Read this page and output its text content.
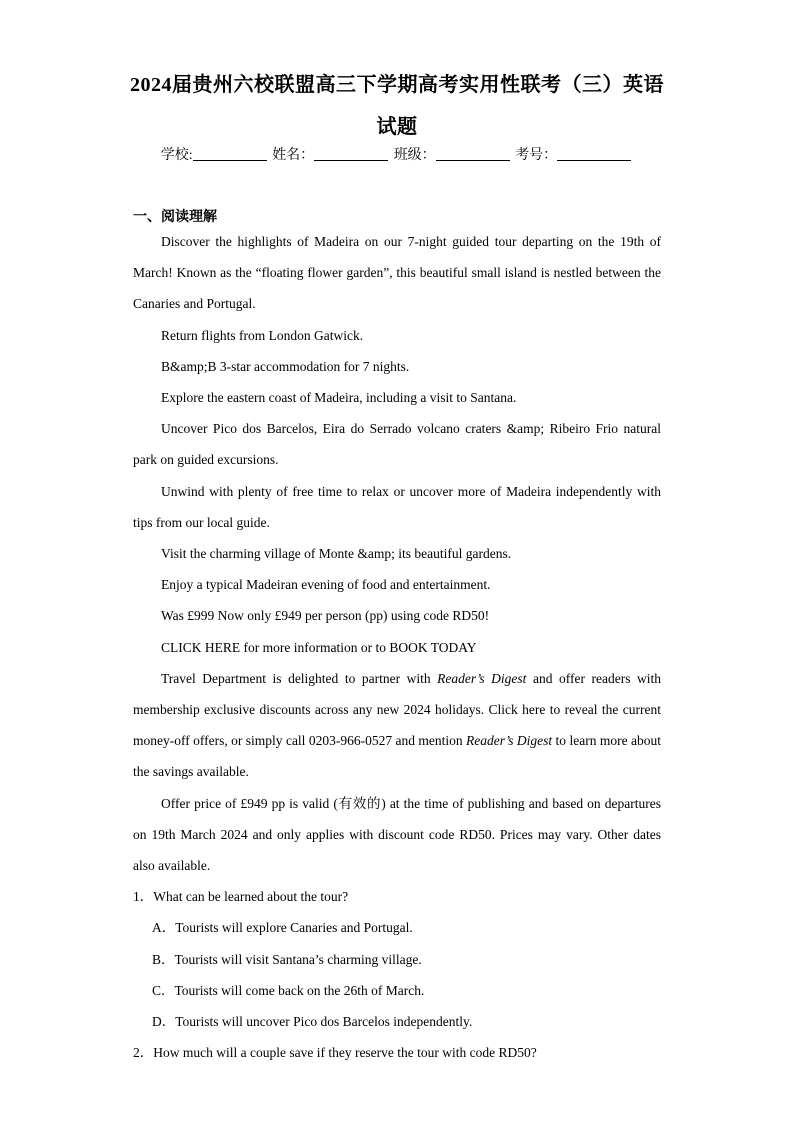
2024届贵州六校联盟高三下学期高考实用性联考（三）英语
试题
学校:	姓名：	班级：	考号：
一、阅读理解

Discover the highlights of Madeira on our 7-night guided tour departing on the 19th of March! Known as the “floating flower garden”, this beautiful small island is nestled between the Canaries and Portugal.

Return flights from London Gatwick.

B&amp;B 3-star accommodation for 7 nights.

Explore the eastern coast of Madeira, including a visit to Santana.

Uncover Pico dos Barcelos, Eira do Serrado volcano craters &amp; Ribeiro Frio natural park on guided excursions.

Unwind with plenty of free time to relax or uncover more of Madeira independently with tips from our local guide.

Visit the charming village of Monte &amp; its beautiful gardens.

Enjoy a typical Madeiran evening of food and entertainment.

Was £999 Now only £949 per person (pp) using code RD50!

CLICK HERE for more information or to BOOK TODAY

Travel Department is delighted to partner with Reader’s Digest and offer readers with membership exclusive discounts across any new 2024 holidays. Click here to reveal the current money-off offers, or simply call 0203-966-0527 and mention Reader’s Digest to learn more about the savings available.

Offer price of £949 pp is valid (有效的) at the time of publishing and based on departures on 19th March 2024 and only applies with discount code RD50. Prices may vary. Other dates also available.

1．What can be learned about the tour?

A．Tourists will explore Canaries and Portugal.

B．Tourists will visit Santana’s charming village.

C．Tourists will come back on the 26th of March.

D．Tourists will uncover Pico dos Barcelos independently.

2．How much will a couple save if they reserve the tour with code RD50?
